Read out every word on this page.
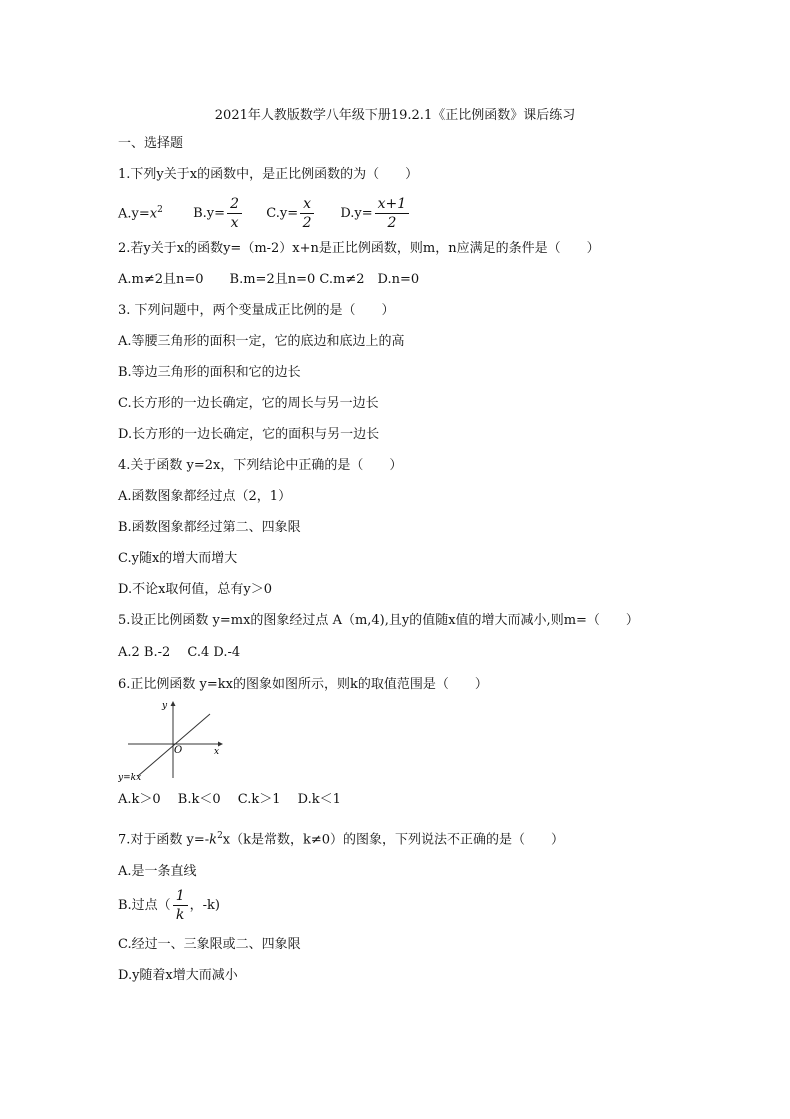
2021年人教版数学八年级下册19.2.1《正比例函数》课后练习
一、选择题
1.下列y关于x的函数中，是正比例函数的为（　　）
$A.y=x^2$ $B.y= \frac{2}{x} C.y= \frac{x}{2} D.y= \frac{x+1}{2}$
2.若y关于x的函数y=（m-2）x+n是正比例函数，则m，n应满足的条件是（　　）
A.m≠2且n=0　　B.m=2且n=0 C.m≠2　D.n=0
3. 下列问题中，两个变量成正比例的是（　　）
A.等腰三角形的面积一定，它的底边和底边上的高
B.等边三角形的面积和它的边长
C.长方形的一边长确定，它的周长与另一边长
D.长方形的一边长确定，它的面积与另一边长
4.关于函数 y=2x，下列结论中正确的是（　　）
A.函数图象都经过点（2，1）
B.函数图象都经过第二、四象限
C.y随x的增大而增大
D.不论x取何值，总有y＞0
5.设正比例函数 y=mx的图象经过点 A（m,4),且y的值随x值的增大而减小,则m=（　　）
A.2 B.-2　 C.4 D.-4
6.正比例函数 y=kx的图象如图所示，则k的取值范围是（　　）
y
x
O
y=kx
A.k＞0　 B.k＜0　 C.k＞1　 D.k＜1
7.对于函数 $y=-k^2x(k$是常数，k≠0）的图象，下列说法不正确的是（　　）
A.是一条直线
B.过点（ $\frac{1}{k}$ ，-k)
C.经过一、三象限或二、四象限
D.y随着x增大而减小
